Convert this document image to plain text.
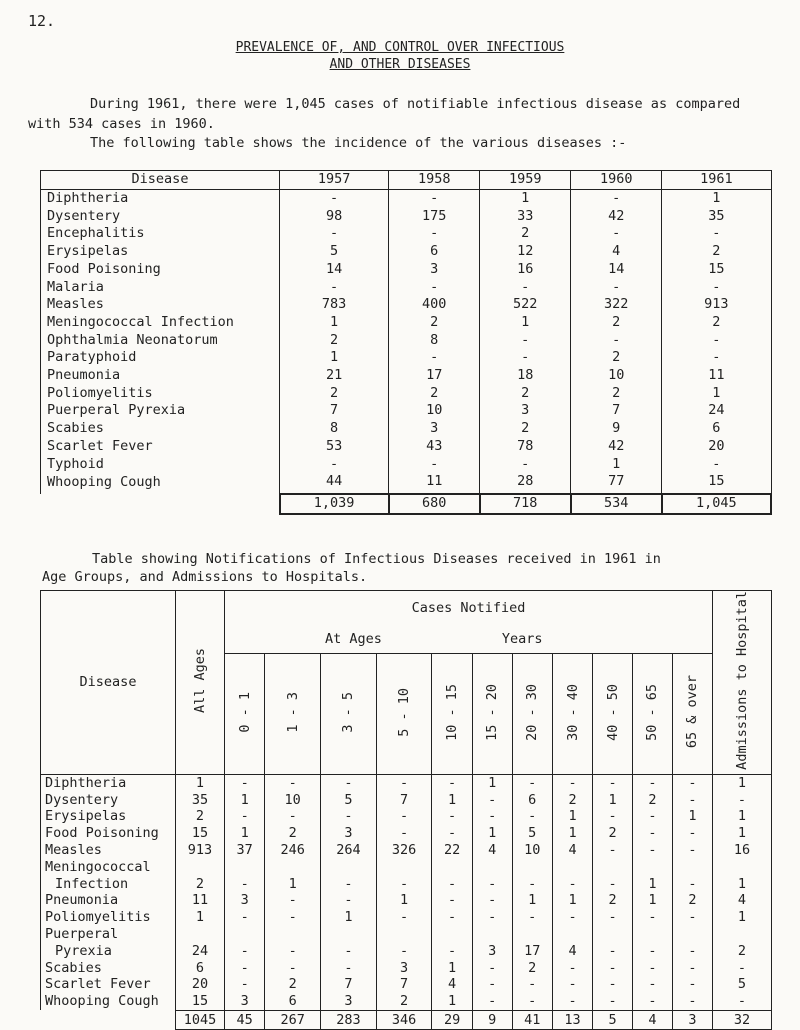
12.
PREVALENCE OF, AND CONTROL OVER INFECTIOUS
AND OTHER DISEASES
During 1961, there were 1,045 cases of notifiable infectious disease as compared with 534 cases in 1960.
The following table shows the incidence of the various diseases :-
Disease	1957	1958	1959	1960	1961
Diphtheria	-	-	1	-	1
Dysentery	98	175	33	42	35
Encephalitis	-	-	2	-	-
Erysipelas	5	6	12	4	2
Food Poisoning	14	3	16	14	15
Malaria	-	-	-	-	-
Measles	783	400	522	322	913
Meningococcal Infection	1	2	1	2	2
Ophthalmia Neonatorum	2	8	-	-	-
Paratyphoid	1	-	-	2	-
Pneumonia	21	17	18	10	11
Poliomyelitis	2	2	2	2	1
Puerperal Pyrexia	7	10	3	7	24
Scabies	8	3	2	9	6
Scarlet Fever	53	43	78	42	20
Typhoid	-	-	-	1	-
Whooping Cough	44	11	28	77	15
	1,039	680	718	534	1,045
Table showing Notifications of Infectious Diseases received in 1961 in
Age Groups, and Admissions to Hospitals.
Disease	All Ages	Cases Notified											Admissions to Hospital
		At Ages Years											
		0 - 1	1 - 3	3 - 5	5 - 10	10 - 15	15 - 20	20 - 30	30 - 40	40 - 50	50 - 65	65 & over	
Diphtheria	1	-	-	-	-	-	1	-	-	-	-	-	1
Dysentery	35	1	10	5	7	1	-	6	2	1	2	-	-
Erysipelas	2	-	-	-	-	-	-	-	1	-	-	1	1
Food Poisoning	15	1	2	3	-	-	1	5	1	2	-	-	1
Measles	913	37	246	264	326	22	4	10	4	-	-	-	16
Meningococcal													
Infection	2	-	1	-	-	-	-	-	-	-	1	-	1
Pneumonia	11	3	-	-	1	-	-	1	1	2	1	2	4
Poliomyelitis	1	-	-	1	-	-	-	-	-	-	-	-	1
Puerperal													
Pyrexia	24	-	-	-	-	-	3	17	4	-	-	-	2
Scabies	6	-	-	-	3	1	-	2	-	-	-	-	-
Scarlet Fever	20	-	2	7	7	4	-	-	-	-	-	-	5
Whooping Cough	15	3	6	3	2	1	-	-	-	-	-	-	-
	1045	45	267	283	346	29	9	41	13	5	4	3	32
